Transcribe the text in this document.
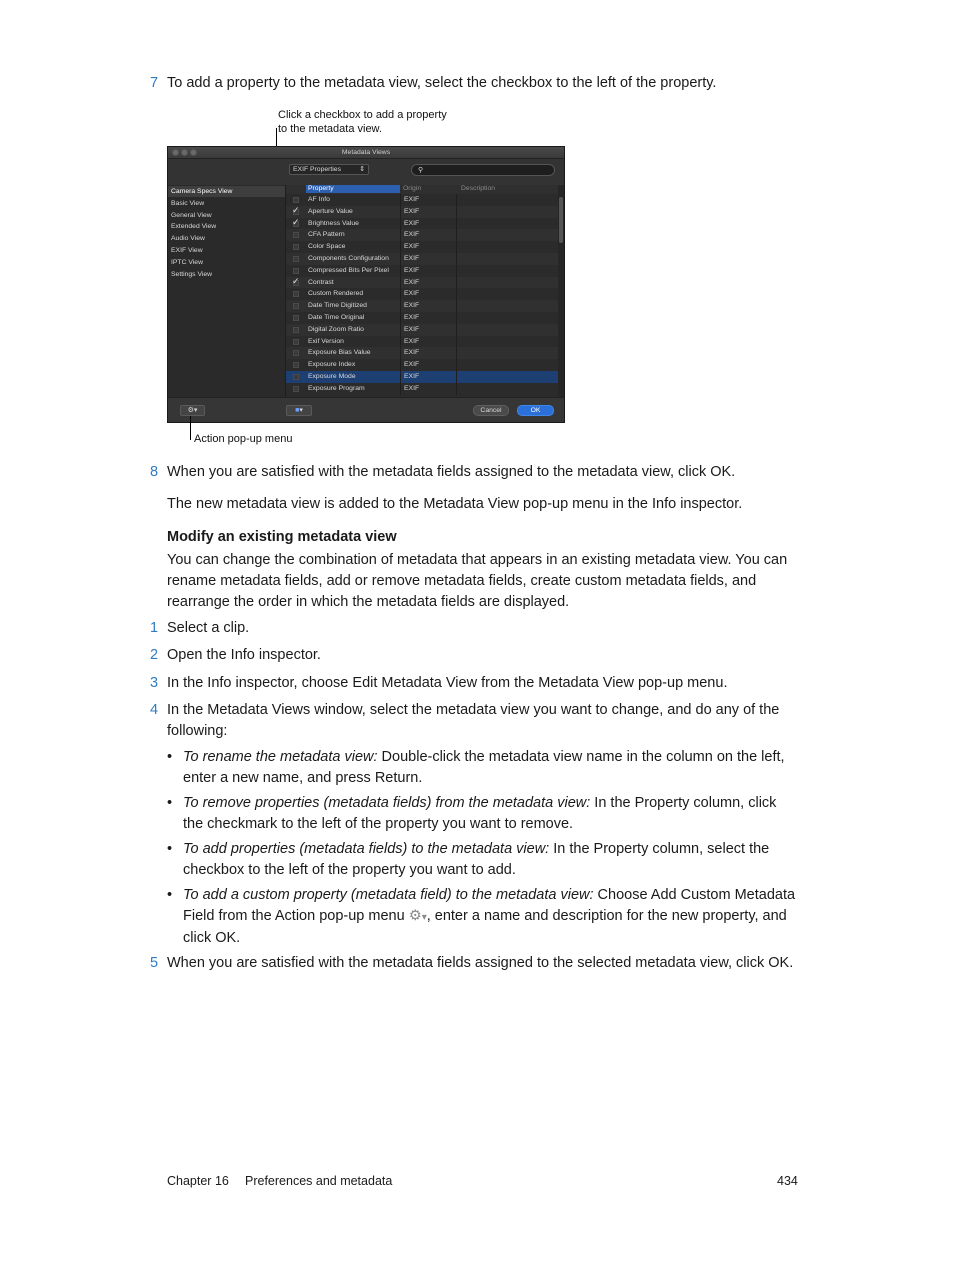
7 To add a property to the metadata view, select the checkbox to the left of the property.
Click a checkbox to add a property to the metadata view.
Metadata Views
EXIF Properties	⇕	⚲
Camera Specs View
Basic View
General View
Extended View
Audio View
EXIF View
IPTC View
Settings View
Property	Origin	Description
AF Info	EXIF
✓ Aperture Value	EXIF
✓ Brightness Value	EXIF
CFA Pattern	EXIF
Color Space	EXIF
Components Configuration EXIF
Compressed Bits Per Pixel EXIF
✓ Contrast	EXIF
Custom Rendered	EXIF
Date Time Digitized	EXIF
Date Time Original	EXIF
Digital Zoom Ratio	EXIF
Exif Version	EXIF
Exposure Bias Value	EXIF
Exposure Index	EXIF
Exposure Mode	EXIF
Exposure Program	EXIF
⚙▾	■▾	Cancel	OK
Action pop-up menu
8 When you are satisfied with the metadata fields assigned to the metadata view, click OK.
The new metadata view is added to the Metadata View pop-up menu in the Info inspector.
Modify an existing metadata view
You can change the combination of metadata that appears in an existing metadata view. You can rename metadata fields, add or remove metadata fields, create custom metadata fields, and rearrange the order in which the metadata fields are displayed.
1 Select a clip.
2 Open the Info inspector.
3 In the Info inspector, choose Edit Metadata View from the Metadata View pop-up menu.
4 In the Metadata Views window, select the metadata view you want to change, and do any of the following:
• To rename the metadata view: Double-click the metadata view name in the column on the left, enter a new name, and press Return.
• To remove properties (metadata fields) from the metadata view: In the Property column, click the checkmark to the left of the property you want to remove.
• To add properties (metadata fields) to the metadata view: In the Property column, select the checkbox to the left of the property you want to add.
• To add a custom property (metadata field) to the metadata view: Choose Add Custom Metadata Field from the Action pop-up menu ⚙▾, enter a name and description for the new property, and click OK.
5 When you are satisfied with the metadata fields assigned to the selected metadata view, click OK.
Chapter 16 Preferences and metadata	434
